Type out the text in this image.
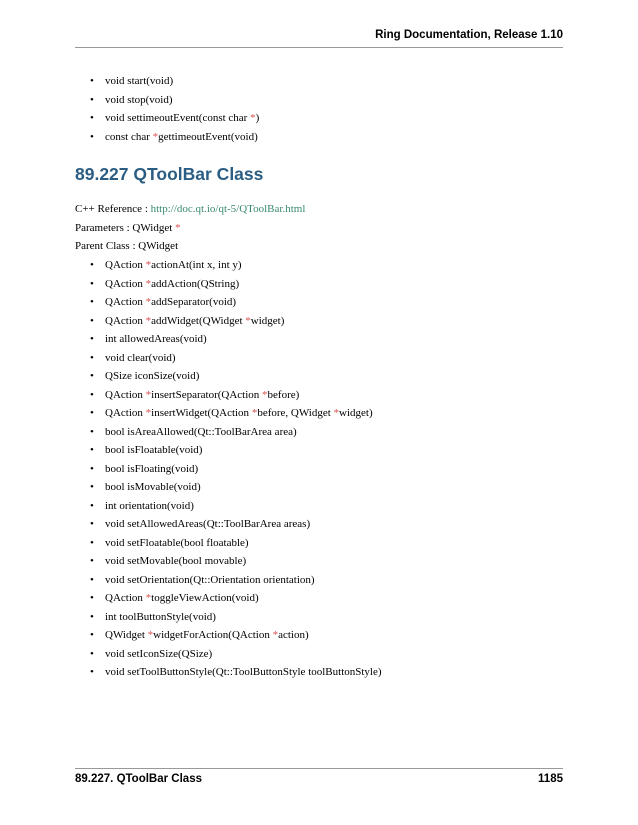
Ring Documentation, Release 1.10
• void start(void)
• void stop(void)
• void settimeoutEvent(const char *)
• const char *gettimeoutEvent(void)
89.227 QToolBar Class

C++ Reference : http://doc.qt.io/qt-5/QToolBar.html

Parameters : QWidget *

Parent Class : QWidget

• QAction *actionAt(int x, int y)
• QAction *addAction(QString)
• QAction *addSeparator(void)
• QAction *addWidget(QWidget *widget)
• int allowedAreas(void)
• void clear(void)
• QSize iconSize(void)
• QAction *insertSeparator(QAction *before)
• QAction *insertWidget(QAction *before, QWidget *widget)
• bool isAreaAllowed(Qt::ToolBarArea area)
• bool isFloatable(void)
• bool isFloating(void)
• bool isMovable(void)
• int orientation(void)
• void setAllowedAreas(Qt::ToolBarArea areas)
• void setFloatable(bool floatable)
• void setMovable(bool movable)
• void setOrientation(Qt::Orientation orientation)
• QAction *toggleViewAction(void)
• int toolButtonStyle(void)
• QWidget *widgetForAction(QAction *action)
• void setIconSize(QSize)
• void setToolButtonStyle(Qt::ToolButtonStyle toolButtonStyle)
89.227. QToolBar Class	1185
